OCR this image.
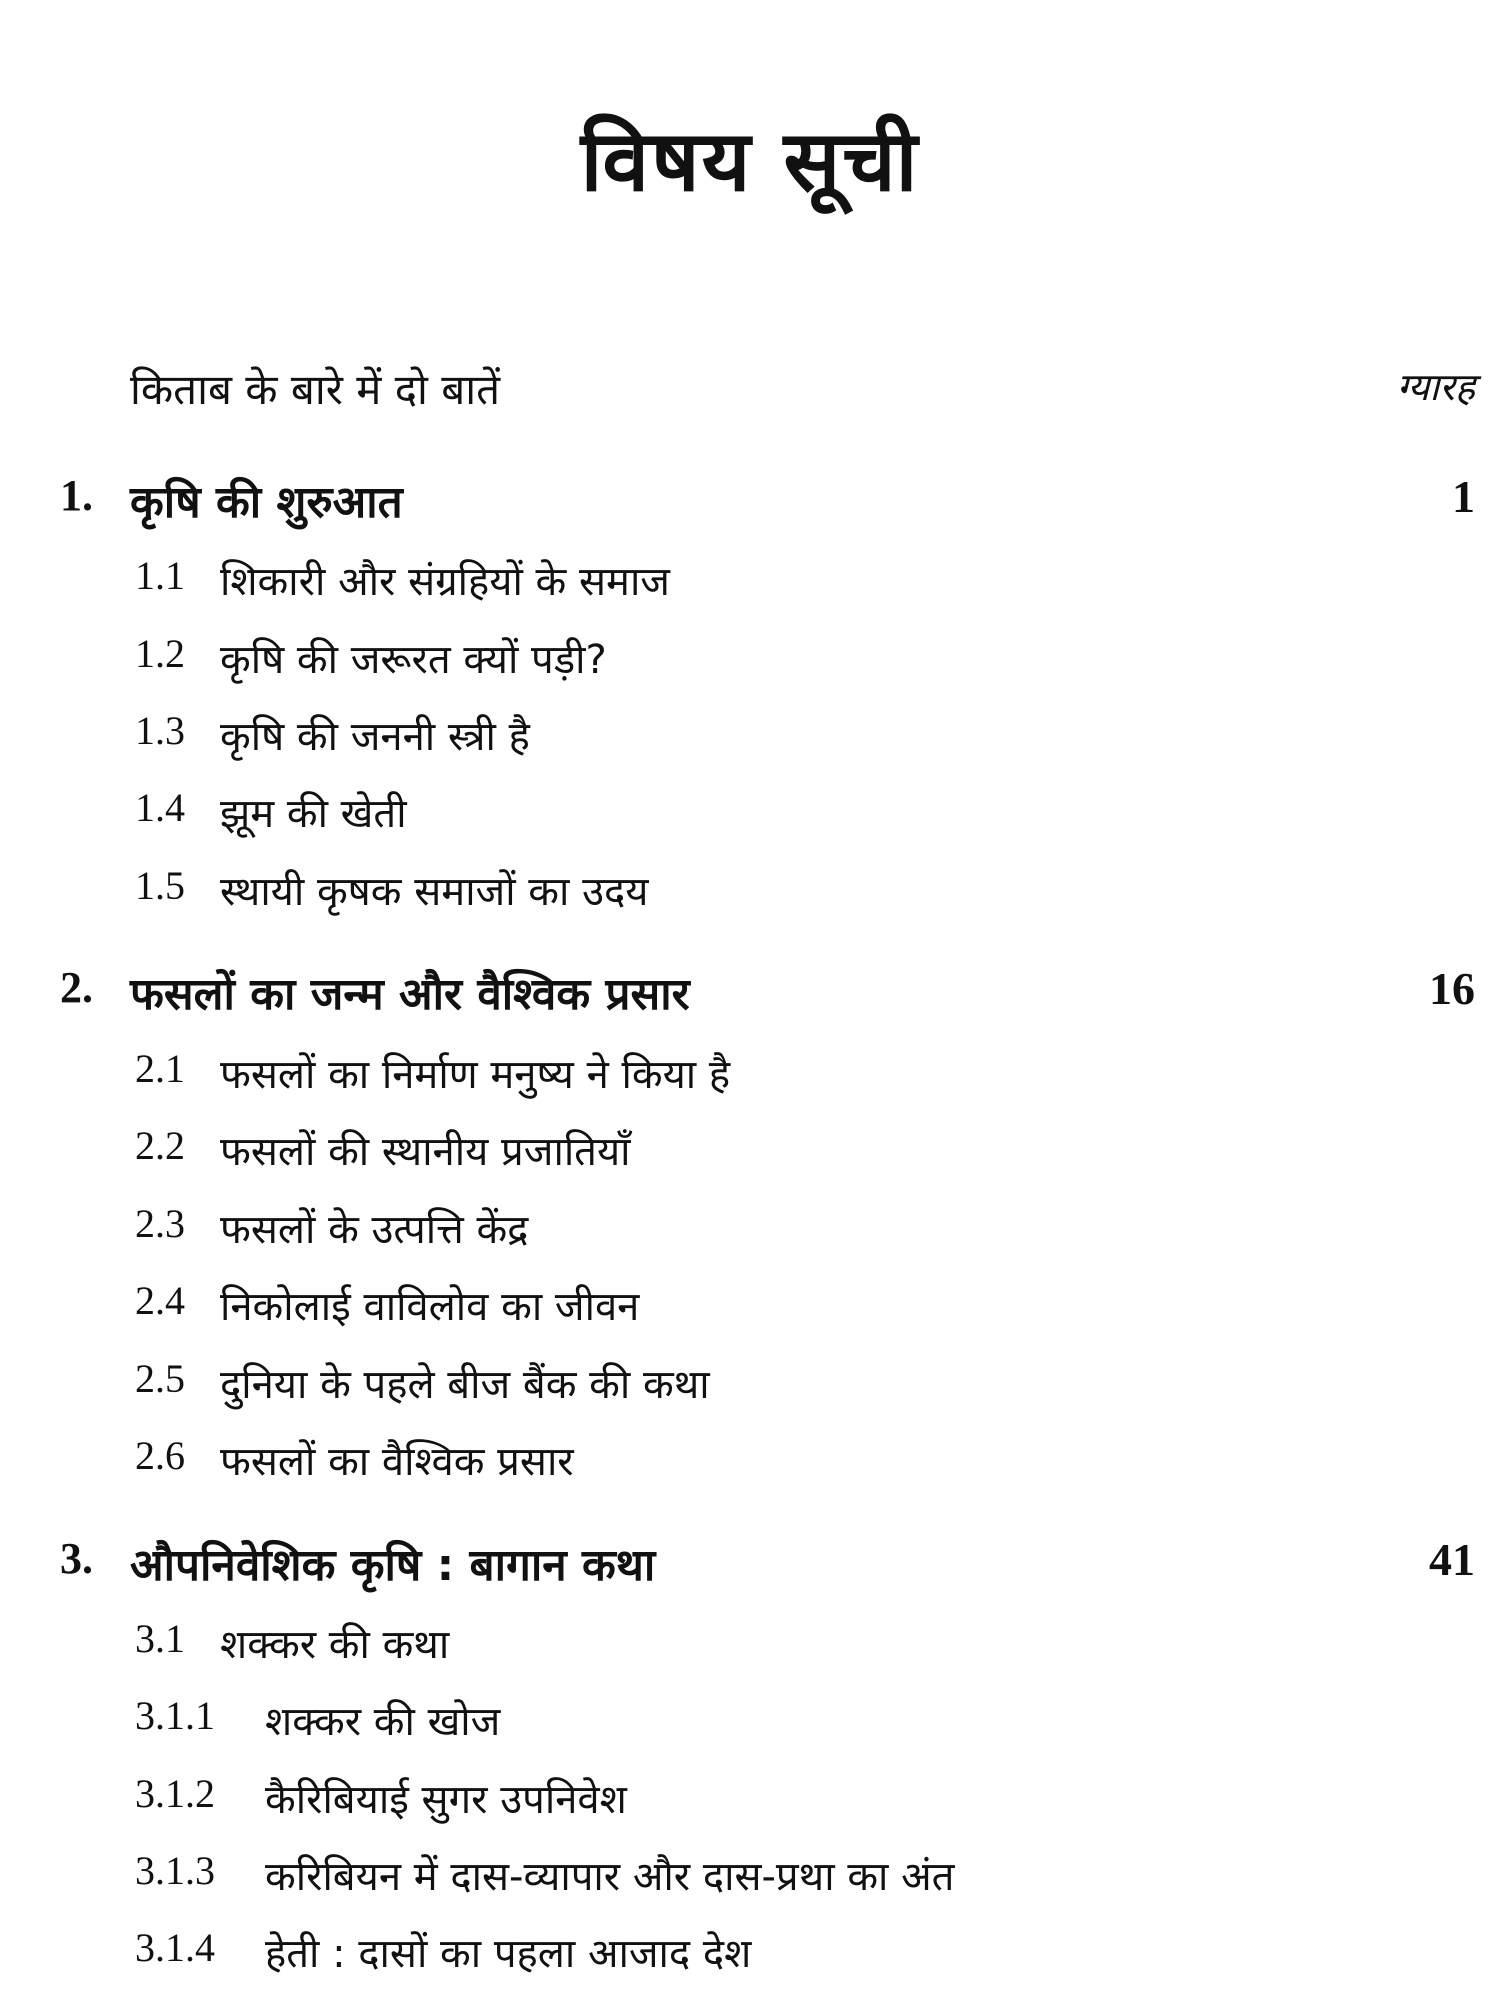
विषय सूची
किताब के बारे में दो बातें	ग्यारह
1. कृषि की शुरुआत	1
1.1 शिकारी और संग्रहियों के समाज
1.2 कृषि की जरूरत क्यों पड़ी?
1.3 कृषि की जननी स्त्री है
1.4 झूम की खेती
1.5 स्थायी कृषक समाजों का उदय
2. फसलों का जन्म और वैश्विक प्रसार	16
2.1 फसलों का निर्माण मनुष्य ने किया है
2.2 फसलों की स्थानीय प्रजातियाँ
2.3 फसलों के उत्पत्ति केंद्र
2.4 निकोलाई वाविलोव का जीवन
2.5 दुनिया के पहले बीज बैंक की कथा
2.6 फसलों का वैश्विक प्रसार
3. औपनिवेशिक कृषि : बागान कथा	41
3.1 शक्कर की कथा
3.1.1 शक्कर की खोज
3.1.2 कैरिबियाई सुगर उपनिवेश
3.1.3 करिबियन में दास-व्यापार और दास-प्रथा का अंत
3.1.4 हेती : दासों का पहला आजाद देश
